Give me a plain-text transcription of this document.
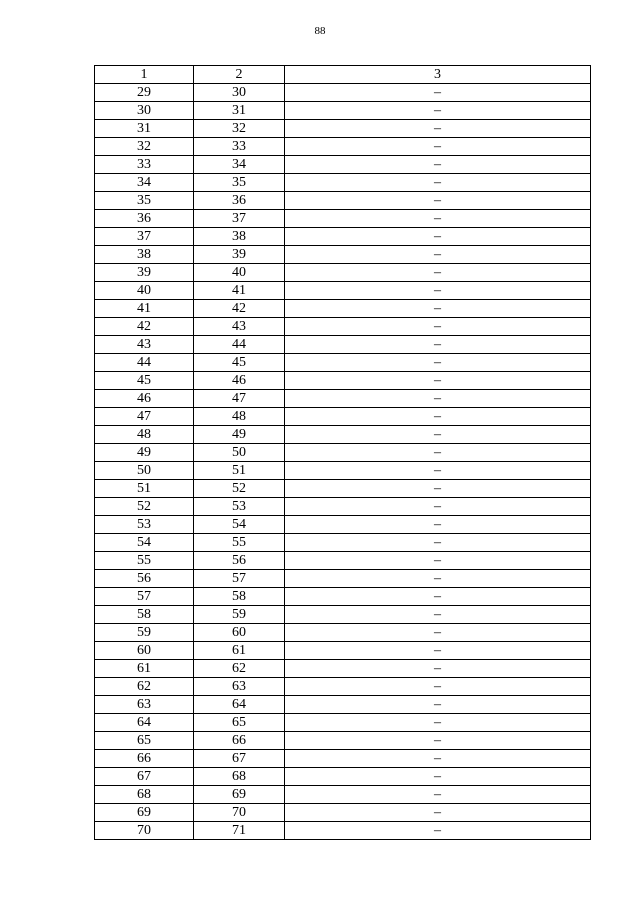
88
1	2	3
29	30	–
30	31	–
31	32	–
32	33	–
33	34	–
34	35	–
35	36	–
36	37	–
37	38	–
38	39	–
39	40	–
40	41	–
41	42	–
42	43	–
43	44	–
44	45	–
45	46	–
46	47	–
47	48	–
48	49	–
49	50	–
50	51	–
51	52	–
52	53	–
53	54	–
54	55	–
55	56	–
56	57	–
57	58	–
58	59	–
59	60	–
60	61	–
61	62	–
62	63	–
63	64	–
64	65	–
65	66	–
66	67	–
67	68	–
68	69	–
69	70	–
70	71	–
